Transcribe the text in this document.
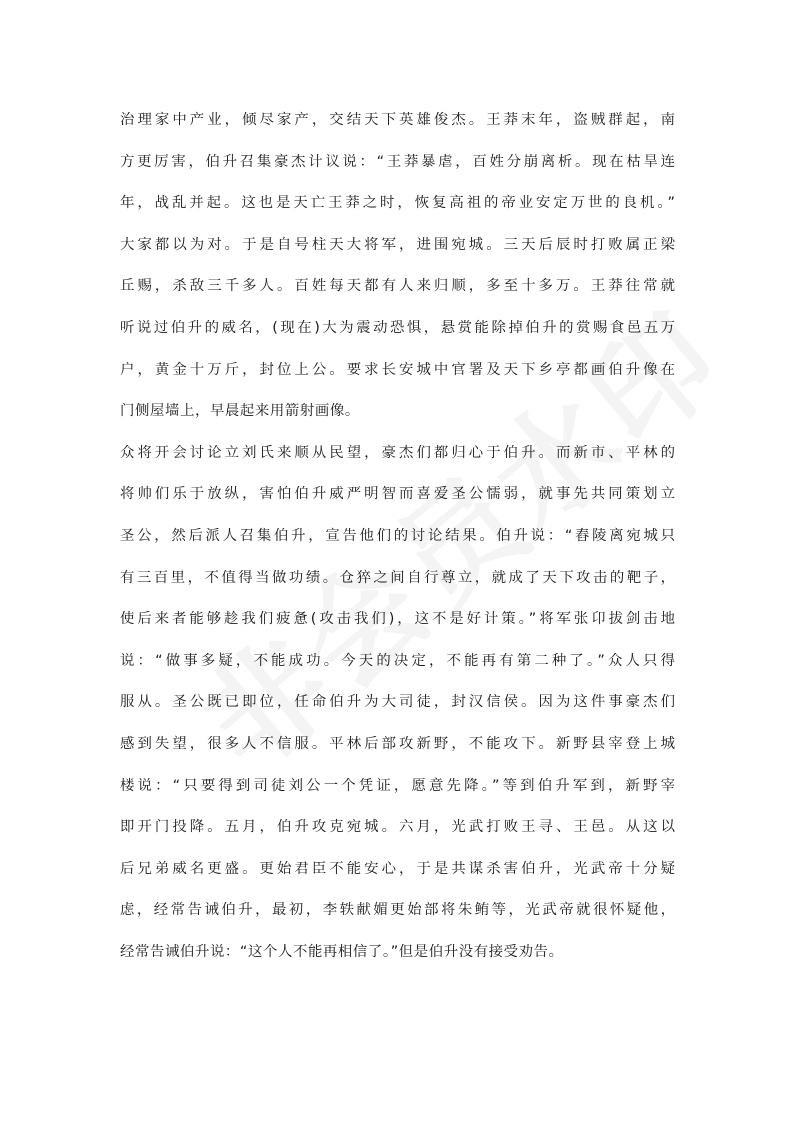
治理家中产业，倾尽家产，交结天下英雄俊杰。王莽末年，盗贼群起，南
方更厉害，伯升召集豪杰计议说：“王莽暴虐，百姓分崩离析。现在枯旱连
年，战乱并起。这也是天亡王莽之时，恢复高祖的帝业安定万世的良机。”
大家都以为对。于是自号柱天大将军，进围宛城。三天后辰时打败属正梁
丘赐，杀敌三千多人。百姓每天都有人来归顺，多至十多万。王莽往常就
听说过伯升的威名，(现在)大为震动恐惧，悬赏能除掉伯升的赏赐食邑五万
户，黄金十万斤，封位上公。要求长安城中官署及天下乡亭都画伯升像在
门侧屋墙上，早晨起来用箭射画像。
众将开会讨论立刘氏来顺从民望，豪杰们都归心于伯升。而新市、平林的
将帅们乐于放纵，害怕伯升威严明智而喜爱圣公懦弱，就事先共同策划立
圣公，然后派人召集伯升，宣告他们的讨论结果。伯升说：“舂陵离宛城只
有三百里，不值得当做功绩。仓猝之间自行尊立，就成了天下攻击的靶子，
使后来者能够趁我们疲惫(攻击我们)，这不是好计策。”将军张卬拔剑击地
说：“做事多疑，不能成功。今天的决定，不能再有第二种了。”众人只得
服从。圣公既已即位，任命伯升为大司徒，封汉信侯。因为这件事豪杰们
感到失望，很多人不信服。平林后部攻新野，不能攻下。新野县宰登上城
楼说：“只要得到司徒刘公一个凭证，愿意先降。”等到伯升军到，新野宰
即开门投降。五月，伯升攻克宛城。六月，光武打败王寻、王邑。从这以
后兄弟威名更盛。更始君臣不能安心，于是共谋杀害伯升，光武帝十分疑
虑，经常告诫伯升，最初，李轶献媚更始部将朱鲔等，光武帝就很怀疑他，
经常告诫伯升说：“这个人不能再相信了。”但是伯升没有接受劝告。
